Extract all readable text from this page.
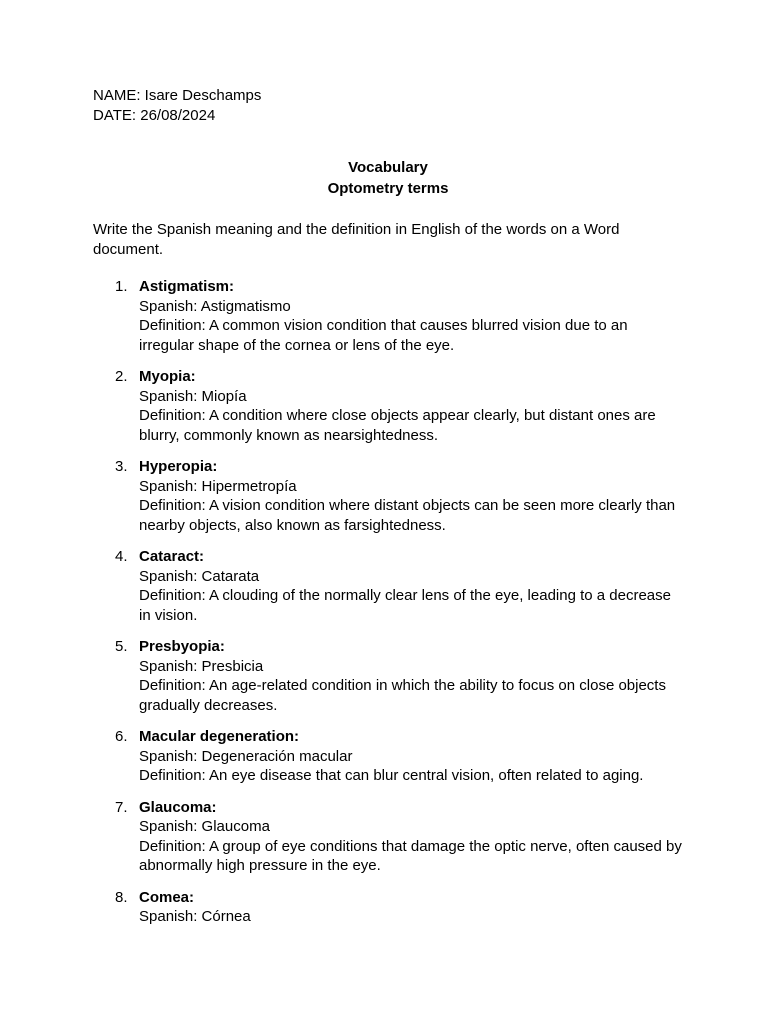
NAME: Isare Deschamps
DATE: 26/08/2024
Vocabulary
Optometry terms
Write the Spanish meaning and the definition in English of the words on a Word document.
1. Astigmatism:
Spanish: Astigmatismo
Definition: A common vision condition that causes blurred vision due to an irregular shape of the cornea or lens of the eye.
2. Myopia:
Spanish: Miopía
Definition: A condition where close objects appear clearly, but distant ones are blurry, commonly known as nearsightedness.
3. Hyperopia:
Spanish: Hipermetropía
Definition: A vision condition where distant objects can be seen more clearly than nearby objects, also known as farsightedness.
4. Cataract:
Spanish: Catarata
Definition: A clouding of the normally clear lens of the eye, leading to a decrease in vision.
5. Presbyopia:
Spanish: Presbicia
Definition: An age-related condition in which the ability to focus on close objects gradually decreases.
6. Macular degeneration:
Spanish: Degeneración macular
Definition: An eye disease that can blur central vision, often related to aging.
7. Glaucoma:
Spanish: Glaucoma
Definition: A group of eye conditions that damage the optic nerve, often caused by abnormally high pressure in the eye.
8. Comea:
Spanish: Córnea
